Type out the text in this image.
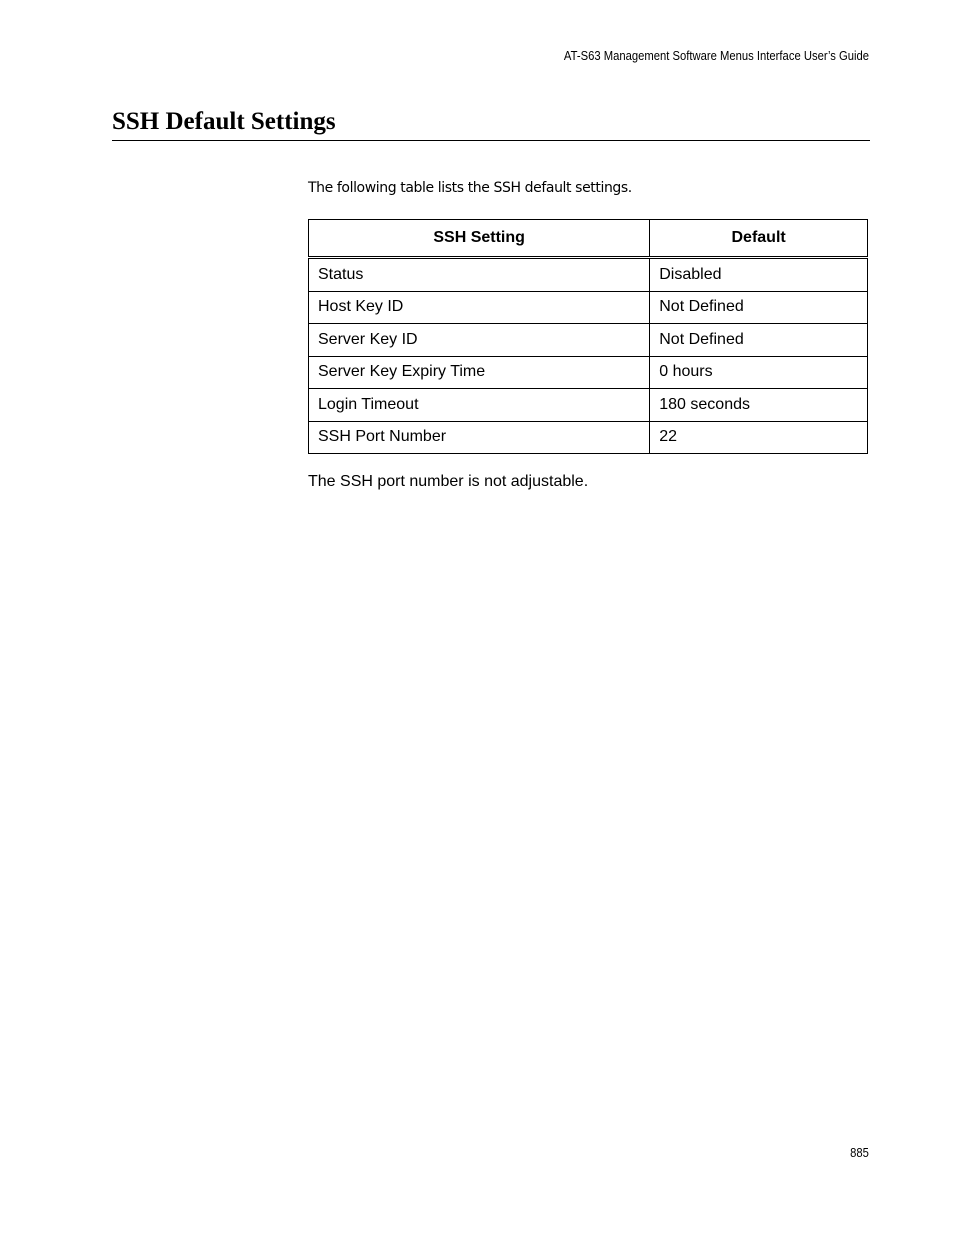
AT-S63 Management Software Menus Interface User’s Guide
SSH Default Settings
The following table lists the SSH default settings.
SSH Setting	Default
Status	Disabled
Host Key ID	Not Defined
Server Key ID	Not Defined
Server Key Expiry Time	0 hours
Login Timeout	180 seconds
SSH Port Number	22
The SSH port number is not adjustable.
885
